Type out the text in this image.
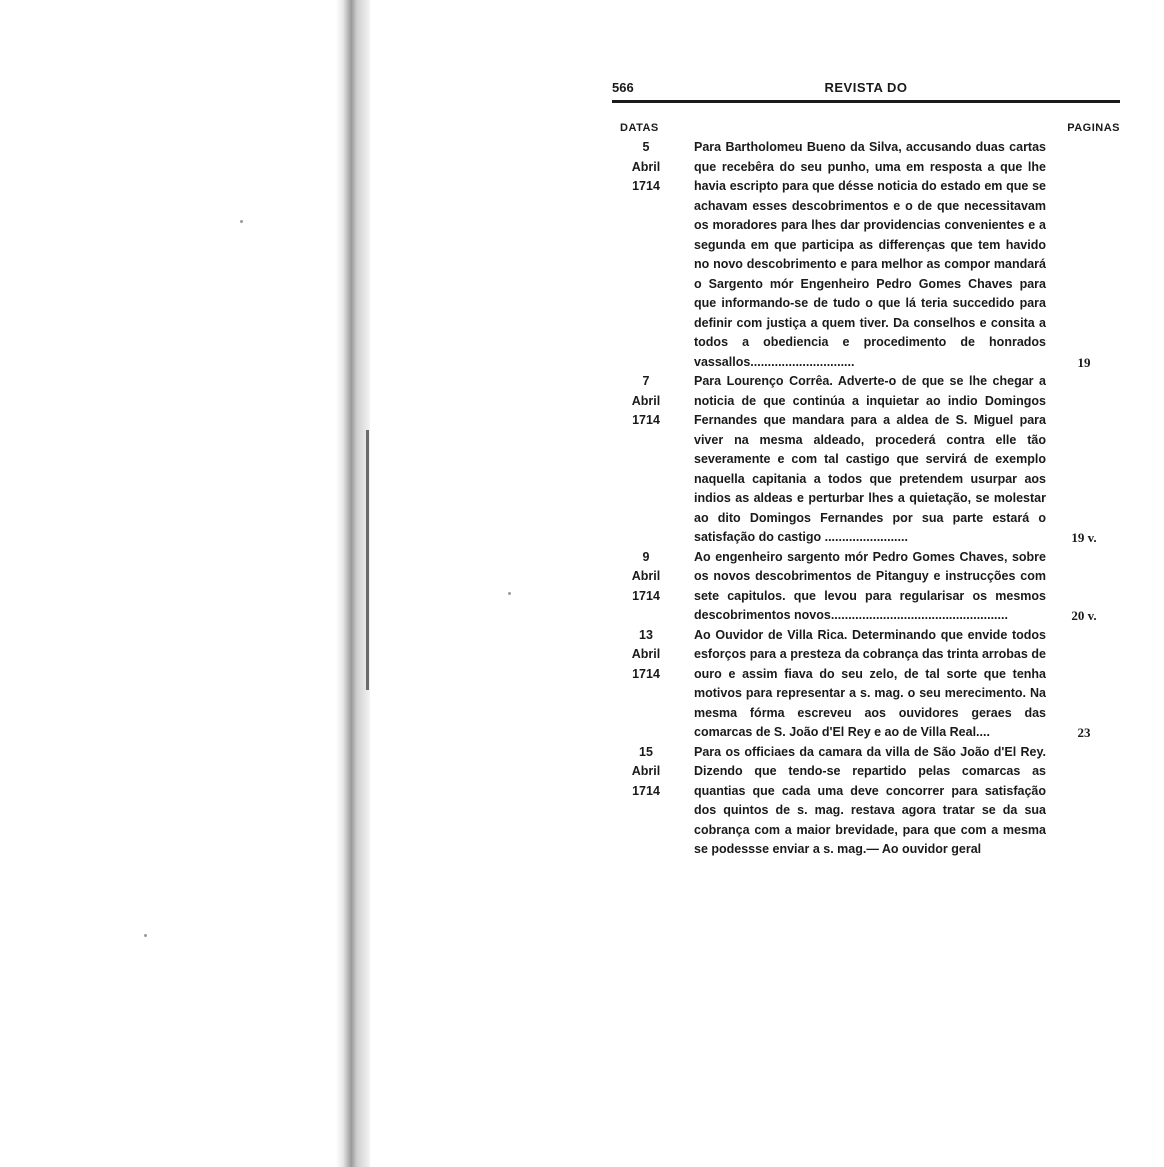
566	REVISTA DO
DATAS	PAGINAS
5
Abril
1714
Para Bartholomeu Bueno da Silva, accusando duas cartas que recebêra do seu punho, uma em resposta a que lhe havia escripto para que désse noticia do estado em que se achavam esses descobrimentos e o de que necessitavam os moradores para lhes dar providencias convenientes e a segunda em que participa as differenças que tem havido no novo descobrimento e para melhor as compor mandará o Sargento mór Engenheiro Pedro Gomes Chaves para que informando-se de tudo o que lá teria succedido para definir com justiça a quem tiver. Da conselhos e consita a todos a obediencia e procedimento de honrados vassallos..............................	19
7
Abril
1714
Para Lourenço Corrêa. Adverte-o de que se lhe chegar a noticia de que continúa a inquietar ao indio Domingos Fernandes que mandara para a aldea de S. Miguel para viver na mesma aldeado, procederá contra elle tão severamente e com tal castigo que servirá de exemplo naquella capitania a todos que pretendem usurpar aos indios as aldeas e perturbar lhes a quietação, se molestar ao dito Domingos Fernandes por sua parte estará o satisfação do castigo ........................	19 v.
9
Abril
1714
Ao engenheiro sargento mór Pedro Gomes Chaves, sobre os novos descobrimentos de Pitanguy e instrucções com sete capitulos. que levou para regularisar os mesmos descobrimentos novos...................................................	20 v.
13
Abril
1714
Ao Ouvidor de Villa Rica. Determinando que envide todos esforços para a presteza da cobrança das trinta arrobas de ouro e assim fiava do seu zelo, de tal sorte que tenha motivos para representar a s. mag. o seu merecimento. Na mesma fórma escreveu aos ouvidores geraes das comarcas de S. João d'El Rey e ao de Villa Real....	23
15
Abril
1714
Para os officiaes da camara da villa de São João d'El Rey. Dizendo que tendo-se repartido pelas comarcas as quantias que cada uma deve concorrer para satisfação dos quintos de s. mag. restava agora tratar se da sua cobrança com a maior brevidade, para que com a mesma se podessse enviar a s. mag.— Ao ouvidor geral
